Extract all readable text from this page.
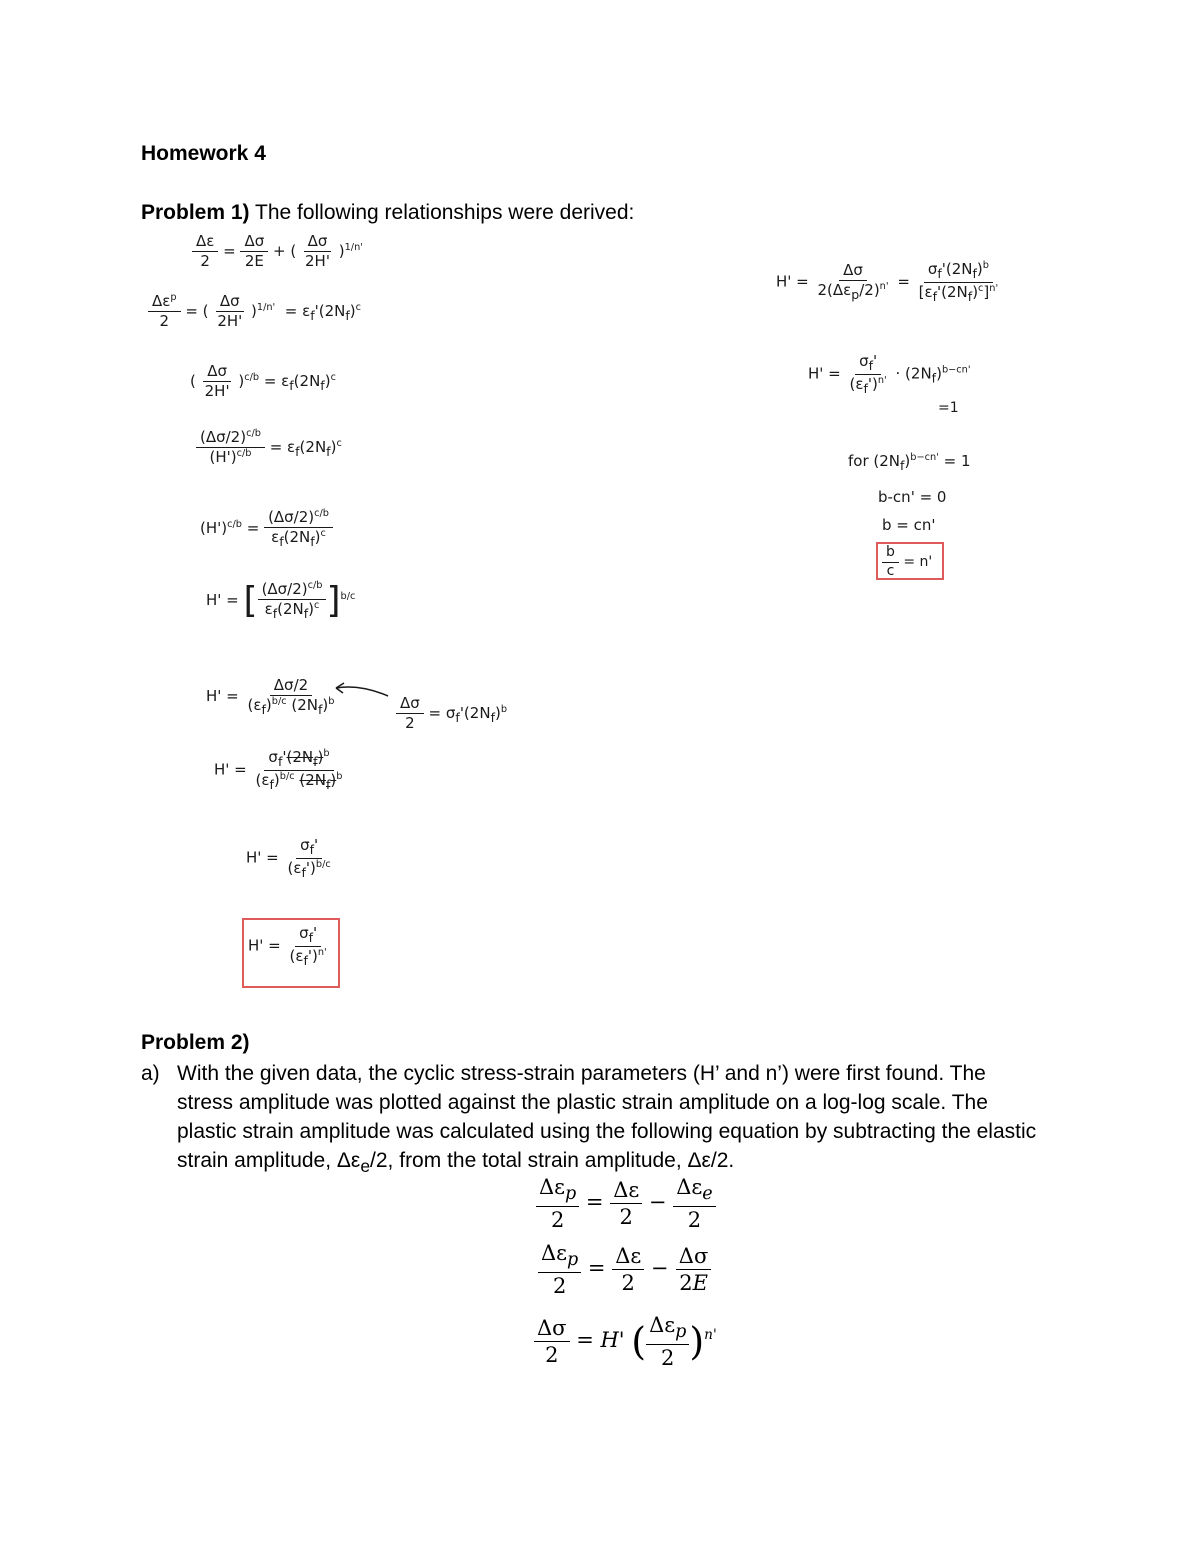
Homework 4
Problem 1) The following relationships were derived:
$\frac{\Delta\varepsilon}{2} = \frac{\Delta\sigma}{2E}$ + ( $\frac{\Delta\sigma}{2H'} )^{1/n'}$
$\frac{\Delta\varepsilon^p}{2}$ = ( $\frac{\Delta\sigma}{2H'} )^{1/n'} = \varepsilon_f'(2N_f)^c$
( $\frac{\Delta\sigma}{2H'} )^{c/b} = \varepsilon_f(2N_f)^c$
$\frac{(\Delta\sigma/2)^{c/b}}{(H')^{c/b}} = \varepsilon_f(2N_f)^c$
$(H')^{c/b} = \frac{(\Delta\sigma/2)^{c/b}}{\varepsilon_f(2N_f)^c}$
H' = [ $\frac{(\Delta\sigma/2)^{c/b}}{\varepsilon_f(2N_f)^c} ]^{b/c}$
$H' = \frac{\Delta\sigma/2}{(\varepsilon_f)^{b/c} (2N_f)^b}$	$\frac{\Delta\sigma}{2} = \sigma_f'(2N_f)^b$
$H' = \frac{\sigma_f'(2N_f)^b}{(\varepsilon_f)^{b/c} (2N_f)^b}$
$H' = \frac{\sigma_f'}{(\varepsilon_f')^{b/c}}$
$H' = \frac{\sigma_f'}{(\varepsilon_f')^{n'}}$
$H' = \frac{\Delta\sigma}{2(\Delta\varepsilon_p/2)^{n'}} = \frac{\sigma_f'(2N_f)^b}{[\varepsilon_f'(2N_f)^c]^{n'}}$
$H' = \frac{\sigma_f'}{(\varepsilon_f')^{n'}} \cdot (2N_f)^{b-cn'}$
=1
for $(2N_f)^{b-cn'} = 1$
b-cn' = 0
b = cn'
$\frac{b}{c} = n'$
Problem 2)
a) With the given data, the cyclic stress-strain parameters (H’ and n’) were first found. The stress amplitude was plotted against the plastic strain amplitude on a log-log scale. The plastic strain amplitude was calculated using the following equation by subtracting the elastic strain amplitude, $\Delta\varepsilon_e/2$, from the total strain amplitude, Δε/2.
$\frac{\Delta\varepsilon_p}{2} = \frac{\Delta\varepsilon}{2} - \frac{\Delta\varepsilon_e}{2}$
$\frac{\Delta\varepsilon_p}{2} = \frac{\Delta\varepsilon}{2} - \frac{\Delta\sigma}{2E}$
$\frac{\Delta\sigma}{2} = H'$ ( $\frac{\Delta\varepsilon_p}{2} )^{n'}$
